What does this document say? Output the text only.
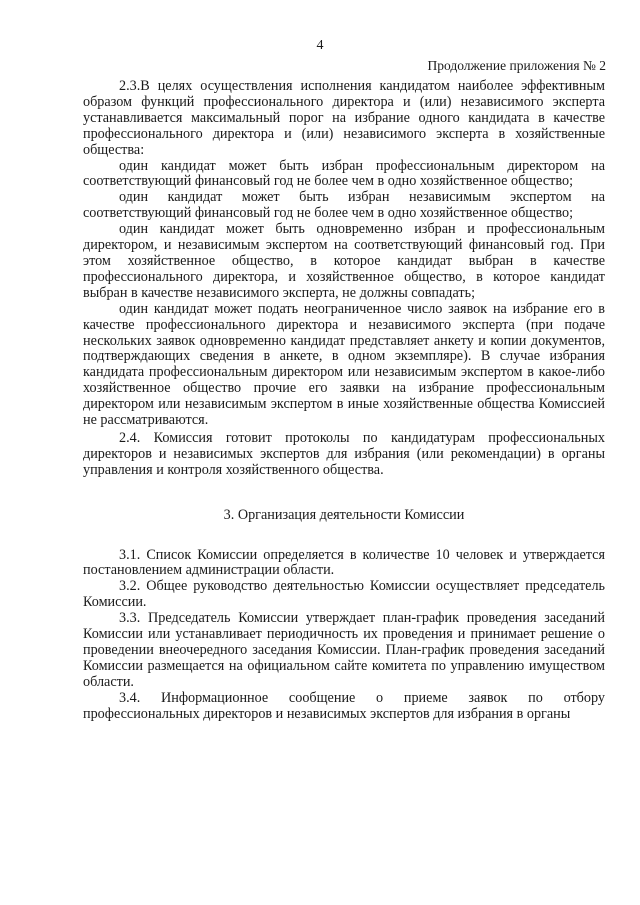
4
Продолжение приложения № 2

2.3.В целях осуществления исполнения кандидатом наиболее эффективным образом функций профессионального директора и (или) независимого эксперта устанавливается максимальный порог на избрание одного кандидата в качестве профессионального директора и (или) независимого эксперта в хозяйственные общества:

один кандидат может быть избран профессиональным директором на соответствующий финансовый год не более чем в одно хозяйственное общество;

один кандидат может быть избран независимым экспертом на соответствующий финансовый год не более чем в одно хозяйственное общество;

один кандидат может быть одновременно избран и профессиональным директором, и независимым экспертом на соответствующий финансовый год. При этом хозяйственное общество, в которое кандидат выбран в качестве профессионального директора, и хозяйственное общество, в которое кандидат выбран в качестве независимого эксперта, не должны совпадать;

один кандидат может подать неограниченное число заявок на избрание его в качестве профессионального директора и независимого эксперта (при подаче нескольких заявок одновременно кандидат представляет анкету и копии документов, подтверждающих сведения в анкете, в одном экземпляре). В случае избрания кандидата профессиональным директором или независимым экспертом в какое-либо хозяйственное общество прочие его заявки на избрание профессиональным директором или независимым экспертом в иные хозяйственные общества Комиссией не рассматриваются.

2.4. Комиссия готовит протоколы по кандидатурам профессиональных директоров и независимых экспертов для избрания (или рекомендации) в органы управления и контроля хозяйственного общества.

3. Организация деятельности Комиссии

3.1. Список Комиссии определяется в количестве 10 человек и утверждается постановлением администрации области.

3.2. Общее руководство деятельностью Комиссии осуществляет председатель Комиссии.

3.3. Председатель Комиссии утверждает план-график проведения заседаний Комиссии или устанавливает периодичность их проведения и принимает решение о проведении внеочередного заседания Комиссии. План-график проведения заседаний Комиссии размещается на официальном сайте комитета по управлению имуществом области.

3.4. Информационное сообщение о приеме заявок по отбору профессиональных директоров и независимых экспертов для избрания в органы
